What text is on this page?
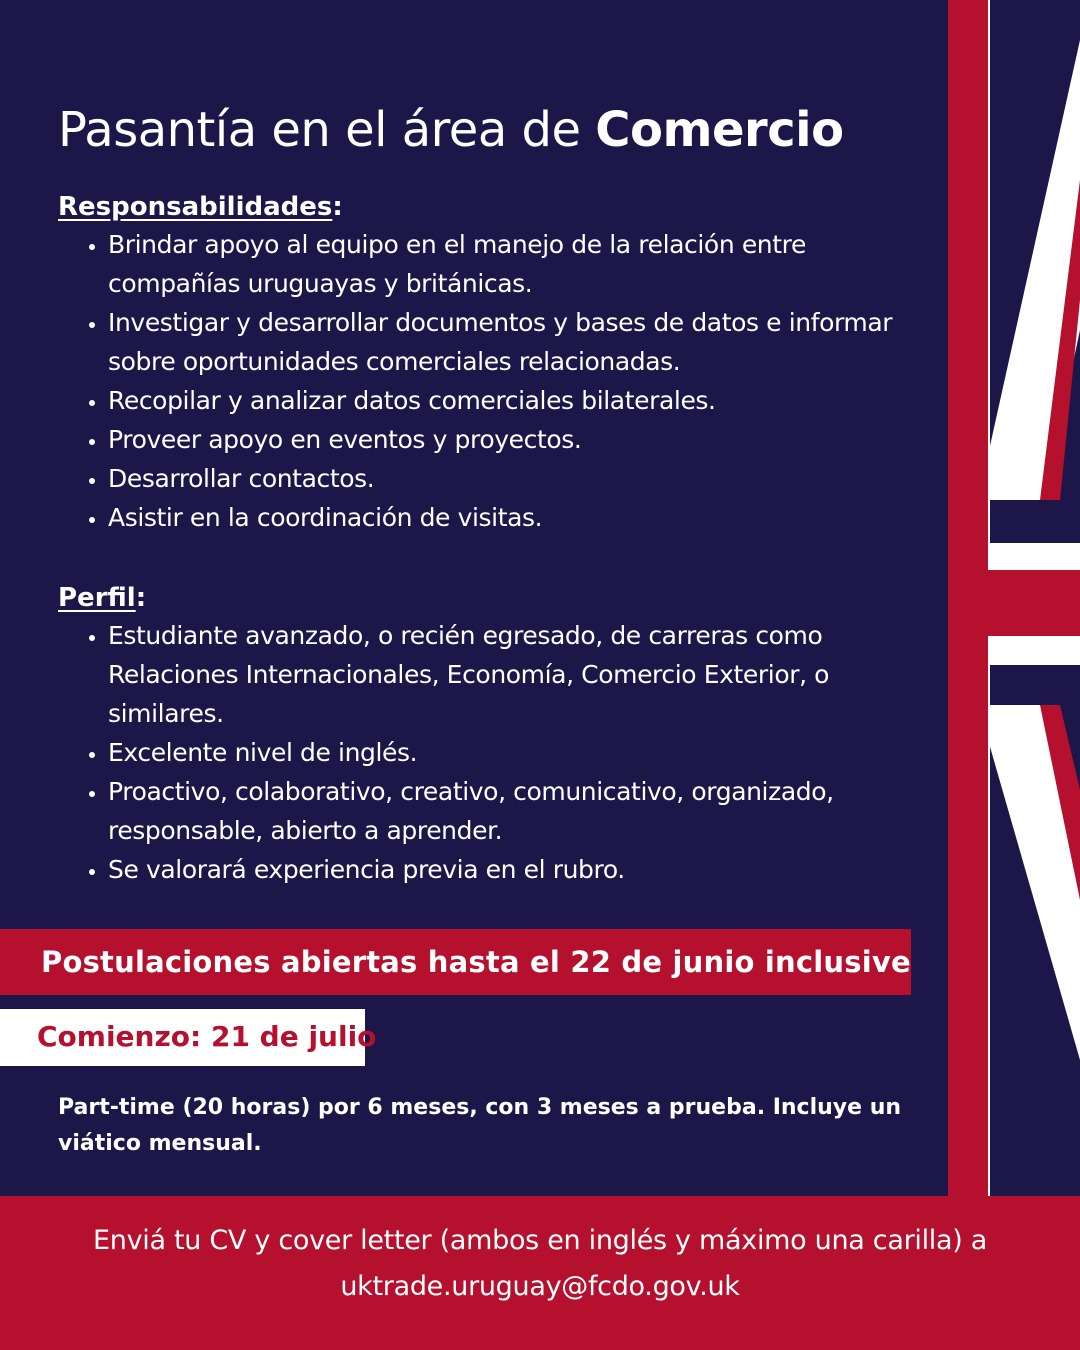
Pasantía en el área de Comercio

Responsabilidades:

• Brindar apoyo al equipo en el manejo de la relación entre compañías uruguayas y británicas.
• Investigar y desarrollar documentos y bases de datos e informar sobre oportunidades comerciales relacionadas.
• Recopilar y analizar datos comerciales bilaterales.
• Proveer apoyo en eventos y proyectos.
• Desarrollar contactos.
• Asistir en la coordinación de visitas.

Perfil:

• Estudiante avanzado, o recién egresado, de carreras como Relaciones Internacionales, Economía, Comercio Exterior, o similares.
• Excelente nivel de inglés.
• Proactivo, colaborativo, creativo, comunicativo, organizado, responsable, abierto a aprender.
• Se valorará experiencia previa en el rubro.

Postulaciones abiertas hasta el 22 de junio inclusive

Comienzo: 21 de julio

Part-time (20 horas) por 6 meses, con 3 meses a prueba. Incluye un viático mensual.

Enviá tu CV y cover letter (ambos en inglés y máximo una carilla) a
uktrade.uruguay@fcdo.gov.uk
